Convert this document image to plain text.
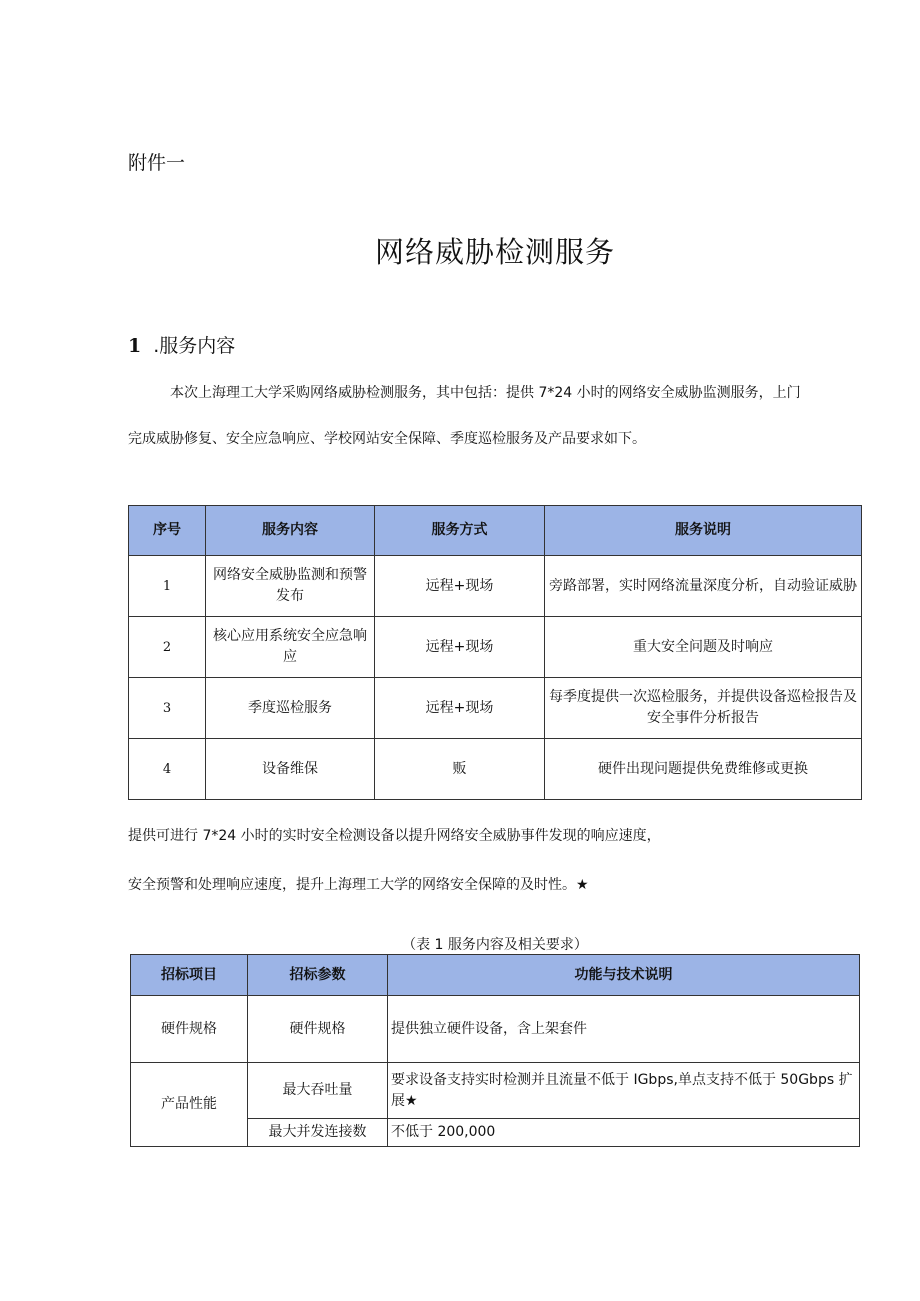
附件一
网络威胁检测服务
1 .服务内容
本次上海理工大学采购网络威胁检测服务，其中包括：提供 7*24 小时的网络安全威胁监测服务，上门
完成威胁修复、安全应急响应、学校网站安全保障、季度巡检服务及产品要求如下。
序号	服务内容	服务方式	服务说明
1	网络安全威胁监测和预警发布	远程+现场	旁路部署，实时网络流量深度分析，自动验证威胁
2	核心应用系统安全应急响应	远程+现场	重大安全问题及时响应
3	季度巡检服务	远程+现场	每季度提供一次巡检服务，并提供设备巡检报告及安全事件分析报告
4	设备维保	贩	硬件出现问题提供免费维修或更换
提供可进行 7*24 小时的实时安全检测设备以提升网络安全威胁事件发现的响应速度，
安全预警和处理响应速度，提升上海理工大学的网络安全保障的及时性。★
（表 1 服务内容及相关要求）
招标项目	招标参数	功能与技术说明
硬件规格	硬件规格	提供独立硬件设备，含上架套件
产品性能	最大吞吐量	要求设备支持实时检测并且流量不低于 IGbps,单点支持不低于 50Gbps 扩展★
	最大并发连接数	不低于 200,000
